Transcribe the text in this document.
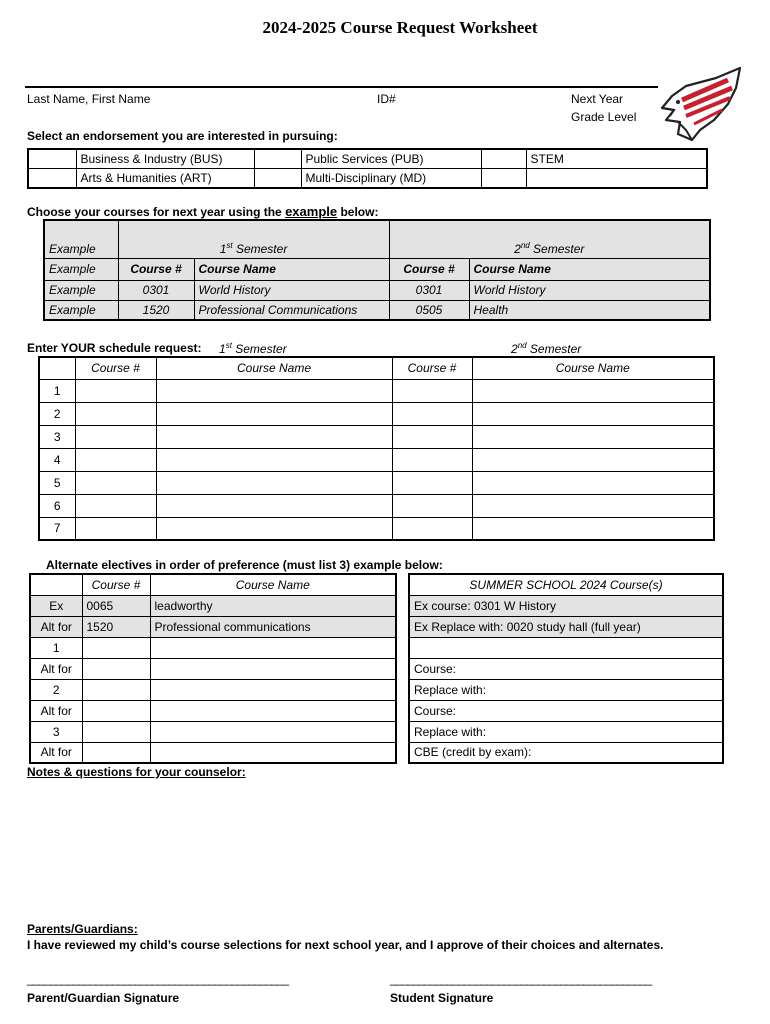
2024-2025 Course Request Worksheet
Last Name, First Name	ID#	Next Year
Grade Level
Select an endorsement you are interested in pursuing:
	Business & Industry (BUS)		Public Services (PUB)		STEM
	Arts & Humanities (ART)		Multi-Disciplinary (MD)		
Choose your courses for next year using the example below:
Example	1st Semester		2nd Semester	
Example	Course #	Course Name	Course #	Course Name
Example	0301	World History	0301	World History
Example	1520	Professional Communications	0505	Health
Enter YOUR schedule request: 1st Semester	2nd Semester
	Course #	Course Name	Course #	Course Name
1				
2				
3				
4				
5				
6				
7				
Alternate electives in order of preference (must list 3) example below:
	Course #	Course Name
Ex	0065	leadworthy
Alt for	1520	Professional communications
1		
Alt for		
2		
Alt for		
3		
Alt for		
SUMMER SCHOOL 2024 Course(s)
Ex course: 0301 W History
Ex Replace with: 0020 study hall (full year)

Course:
Replace with:
Course:
Replace with:
CBE (credit by exam):
Notes & questions for your counselor:
Parents/Guardians:
I have reviewed my child’s course selections for next school year, and I approve of their choices and alternates.
______________________________________________	______________________________________________
Parent/Guardian Signature	Student Signature
